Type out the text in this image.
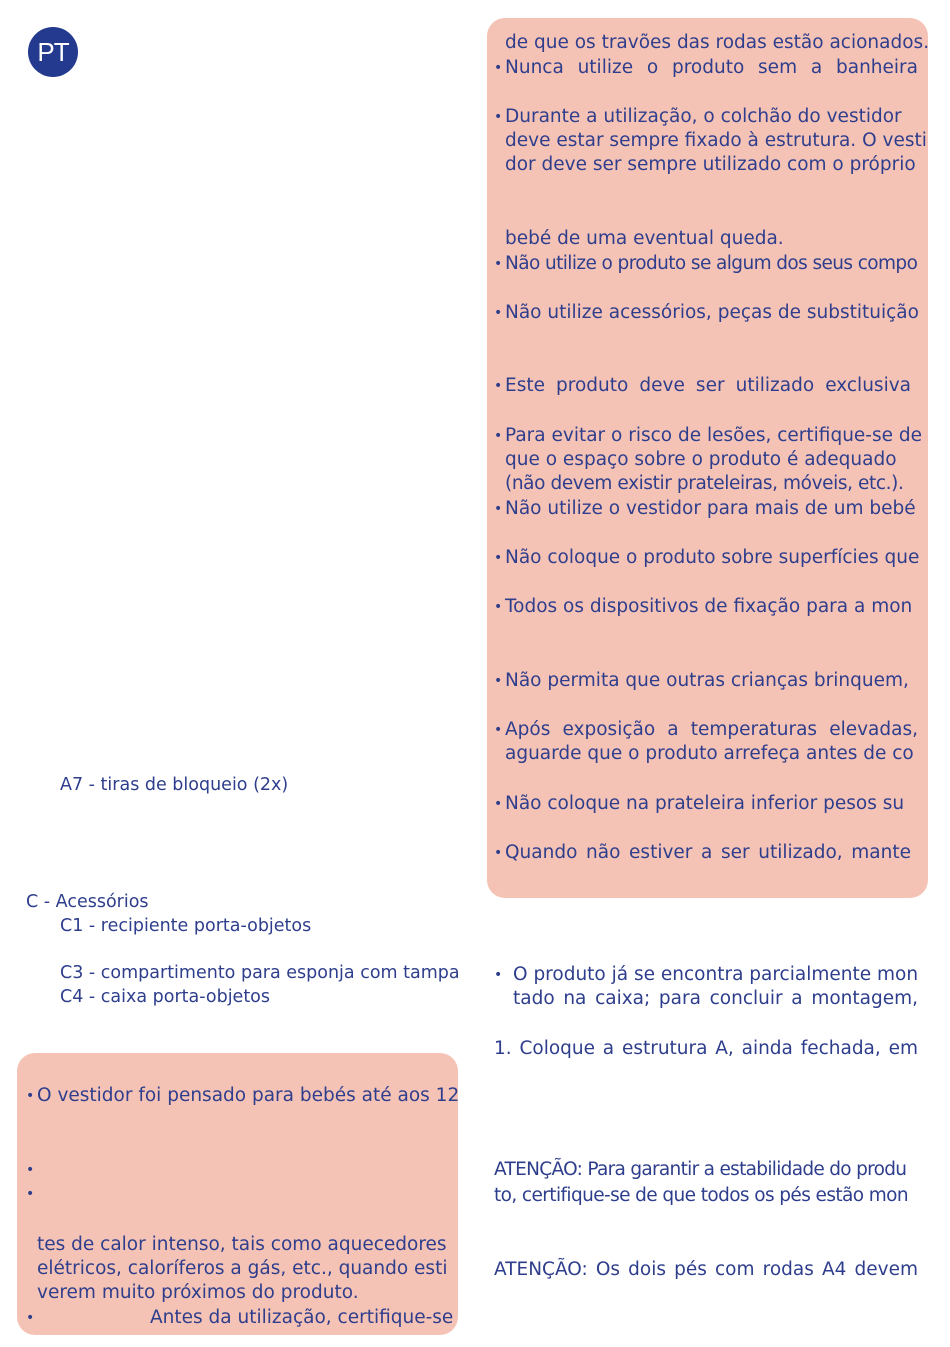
PT	de que os travões das rodas estão acionados.
• Nunca utilize o produto sem a banheira
• Durante a utilização, o colchão do vestidor
deve estar sempre fixado à estrutura. O vesti
dor deve ser sempre utilizado com o próprio
bebé de uma eventual queda.
• Não utilize o produto se algum dos seus compo
• Não utilize acessórios, peças de substituição
• Este produto deve ser utilizado exclusiva
• Para evitar o risco de lesões, certifique-se de
que o espaço sobre o produto é adequado
(não devem existir prateleiras, móveis, etc.).
• Não utilize o vestidor para mais de um bebé
• Não coloque o produto sobre superfícies que
• Todos os dispositivos de fixação para a mon
• Não permita que outras crianças brinquem,
• Após exposição a temperaturas elevadas,
aguarde que o produto arrefeça antes de co
• Não coloque na prateleira inferior pesos su
• Quando não estiver a ser utilizado, mante
A7 - tiras de bloqueio (2x)
C - Acessórios
C1 - recipiente porta-objetos
C3 - compartimento para esponja com tampa
C4 - caixa porta-objetos
• O produto já se encontra parcialmente mon
tado na caixa; para concluir a montagem,
1. Coloque a estrutura A, ainda fechada, em
ATENÇÃO: Para garantir a estabilidade do produ
to, certifique-se de que todos os pés estão mon
ATENÇÃO: Os dois pés com rodas A4 devem
• O vestidor foi pensado para bebés até aos 12
•
•
tes de calor intenso, tais como aquecedores
elétricos, caloríferos a gás, etc., quando esti
verem muito próximos do produto.
•	Antes da utilização, certifique-se
